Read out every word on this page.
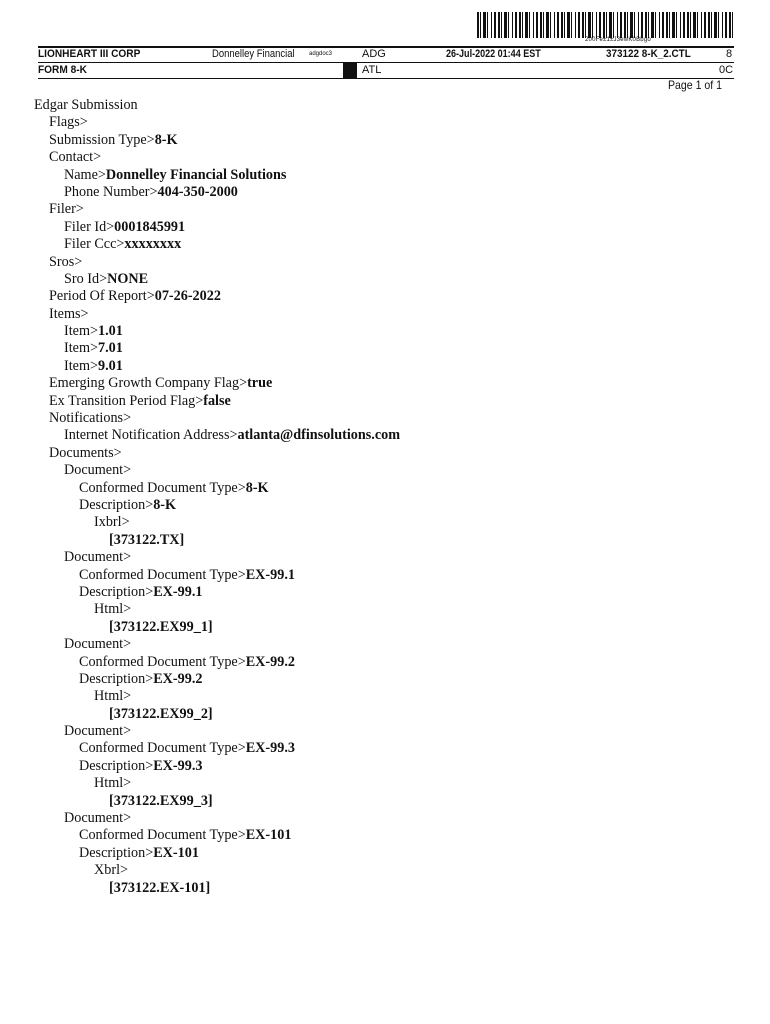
200Fe±1±J3ewK0Bbgo
LIONHEART III CORP	Donnelley Financial adgdoc3	ADG	26-Jul-2022 01:44 EST	373122 8-K_2.CTL	8
FORM 8-K	ATL	0C
Page 1 of 1
Edgar Submission
Flags>
Submission Type>8-K
Contact>
Name>Donnelley Financial Solutions
Phone Number>404-350-2000
Filer>
Filer Id>0001845991
Filer Ccc>xxxxxxxx
Sros>
Sro Id>NONE
Period Of Report>07-26-2022
Items>
Item>1.01
Item>7.01
Item>9.01
Emerging Growth Company Flag>true
Ex Transition Period Flag>false
Notifications>
Internet Notification Address>atlanta@dfinsolutions.com
Documents>
Document>
Conformed Document Type>8-K
Description>8-K
Ixbrl>
[373122.TX]
Document>
Conformed Document Type>EX-99.1
Description>EX-99.1
Html>
[373122.EX99_1]
Document>
Conformed Document Type>EX-99.2
Description>EX-99.2
Html>
[373122.EX99_2]
Document>
Conformed Document Type>EX-99.3
Description>EX-99.3
Html>
[373122.EX99_3]
Document>
Conformed Document Type>EX-101
Description>EX-101
Xbrl>
[373122.EX-101]
